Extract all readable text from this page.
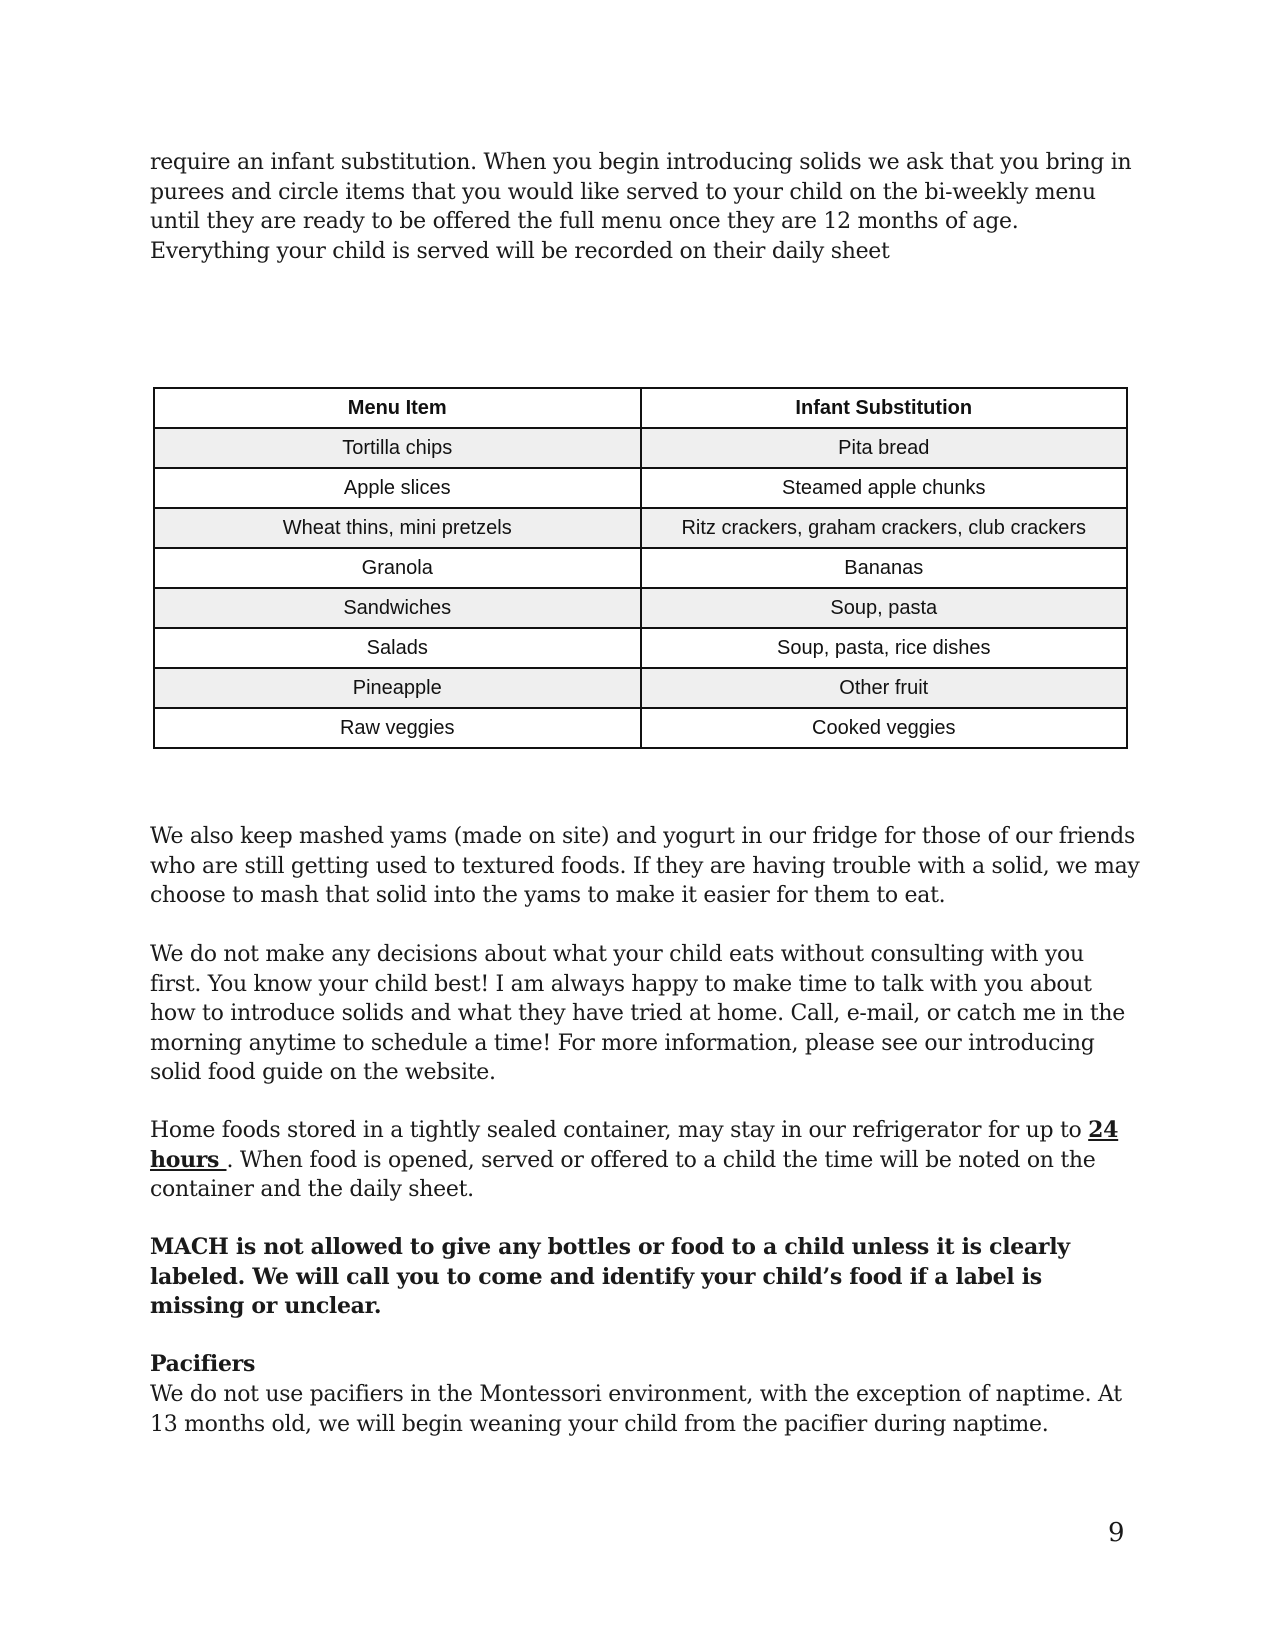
require an infant substitution. When you begin introducing solids we ask that you bring in purees and circle items that you would like served to your child on the bi-weekly menu until they are ready to be offered the full menu once they are 12 months of age. Everything your child is served will be recorded on their daily sheet

Menu Item	Infant Substitution
Tortilla chips	Pita bread
Apple slices	Steamed apple chunks
Wheat thins, mini pretzels	Ritz crackers, graham crackers, club crackers
Granola	Bananas
Sandwiches	Soup, pasta
Salads	Soup, pasta, rice dishes
Pineapple	Other fruit
Raw veggies	Cooked veggies

We also keep mashed yams (made on site) and yogurt in our fridge for those of our friends who are still getting used to textured foods. If they are having trouble with a solid, we may choose to mash that solid into the yams to make it easier for them to eat.

We do not make any decisions about what your child eats without consulting with you first. You know your child best! I am always happy to make time to talk with you about how to introduce solids and what they have tried at home. Call, e-mail, or catch me in the morning anytime to schedule a time! For more information, please see our introducing solid food guide on the website.

Home foods stored in a tightly sealed container, may stay in our refrigerator for up to 24 hours . When food is opened, served or offered to a child the time will be noted on the container and the daily sheet.

MACH is not allowed to give any bottles or food to a child unless it is clearly labeled. We will call you to come and identify your child’s food if a label is missing or unclear.

Pacifiers

We do not use pacifiers in the Montessori environment, with the exception of naptime. At 13 months old, we will begin weaning your child from the pacifier during naptime.

9
